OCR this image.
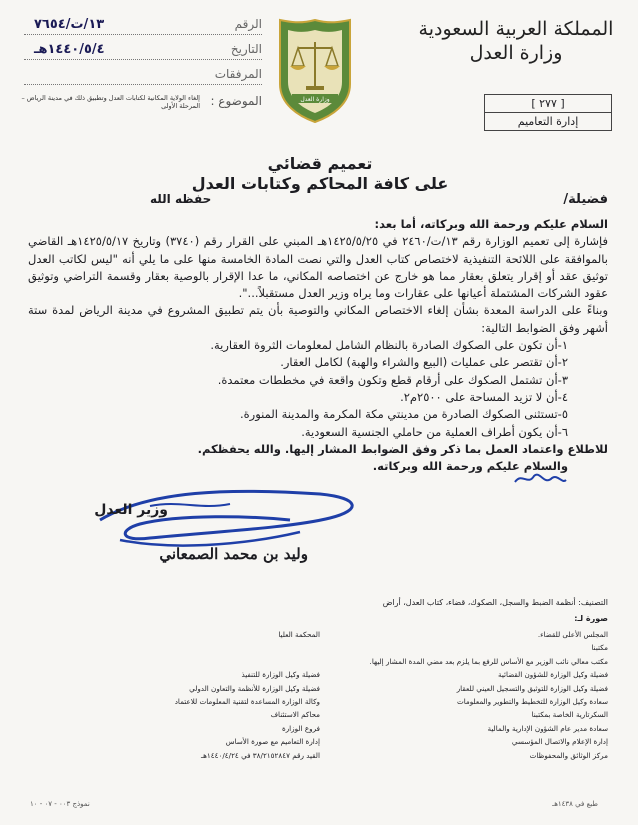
المملكة العربية السعودية
وزارة العدل
[ ٢٧٧ ]
إدارة التعاميم
وزارة العدل
الرقم
١٣/ت/٧٦٥٤
التاريخ
١٤٤٠/٥/٤هـ
المرفقات
الموضوع :
إلغاء الولاية المكانية لكتابات العدل وتطبيق ذلك في مدينة الرياض – المرحلة الأولى
تعميم قضائي
على كافة المحاكم وكتابات العدل
فضيلة/
حفظه الله

السلام عليكم ورحمة الله وبركاته، أما بعد:

فإشارة إلى تعميم الوزارة رقم ١٣/ت/٢٤٦٠ في ١٤٢٥/٥/٢٥هـ المبني على القرار رقم (٣٧٤٠) وتاريخ ١٤٢٥/٥/١٧هـ القاضي بالموافقة على اللائحة التنفيذية لاختصاص كتاب العدل والتي نصت المادة الخامسة منها على ما يلي أنه "ليس لكاتب العدل توثيق عقد أو إقرار يتعلق بعقار مما هو خارج عن اختصاصه المكاني، ما عدا الإقرار بالوصية بعقار وقسمة التراضي وتوثيق عقود الشركات المشتملة أعيانها على عقارات وما يراه وزير العدل مستقبلاً...".

وبناءً على الدراسة المعدة بشأن إلغاء الاختصاص المكاني والتوصية بأن يتم تطبيق المشروع في مدينة الرياض لمدة ستة أشهر وفق الضوابط التالية:

١-أن تكون على الصكوك الصادرة بالنظام الشامل لمعلومات الثروة العقارية.
٢-أن تقتصر على عمليات (البيع والشراء والهبة) لكامل العقار.
٣-أن تشتمل الصكوك على أرقام قطع وتكون واقعة في مخططات معتمدة.
٤-أن لا تزيد المساحة على ٢٥٠٠م٢.
٥-تستثنى الصكوك الصادرة من مدينتي مكة المكرمة والمدينة المنورة.
٦-أن يكون أطراف العملية من حاملي الجنسية السعودية.

للاطلاع واعتماد العمل بما ذكر وفق الضوابط المشار إليها. والله يحفظكم.

والسلام عليكم ورحمة الله وبركاته.

وزير العدل
وليد بن محمد الصمعاني
التصنيف: أنظمة الضبط والسجل، الصكوك، قضاء، كتاب العدل، أراض
صورة لـ:
المجلس الأعلى للقضاء.
مكتبنا
مكتب معالي نائب الوزير مع الأساس للرفع بما يلزم بعد مضي المدة المشار إليها.
فضيلة وكيل الوزارة للشؤون القضائية
فضيلة وكيل الوزارة للتوثيق والتسجيل العيني للعقار
سعادة وكيل الوزارة للتخطيط والتطوير والمعلومات
السكرتارية الخاصة بمكتبنا
سعادة مدير عام الشؤون الإدارية والمالية
إدارة الإعلام والاتصال المؤسسي
مركز الوثائق والمحفوظات
المحكمة العليا

فضيلة وكيل الوزارة للتنفيذ
فضيلة وكيل الوزارة للأنظمة والتعاون الدولي
وكالة الوزارة المساعدة لتقنية المعلومات للاعتماد
محاكم الاستئناف
فروع الوزارة
إدارة التعاميم مع صورة الأساس
القيد رقم ٣٨/٢١٥٢٨٤٧ في ١٤٤٠/٤/٢٤هـ
طبع في ١٤٣٨هـ
نموذج ٠٠٣ - ٠٧ - ١٠
